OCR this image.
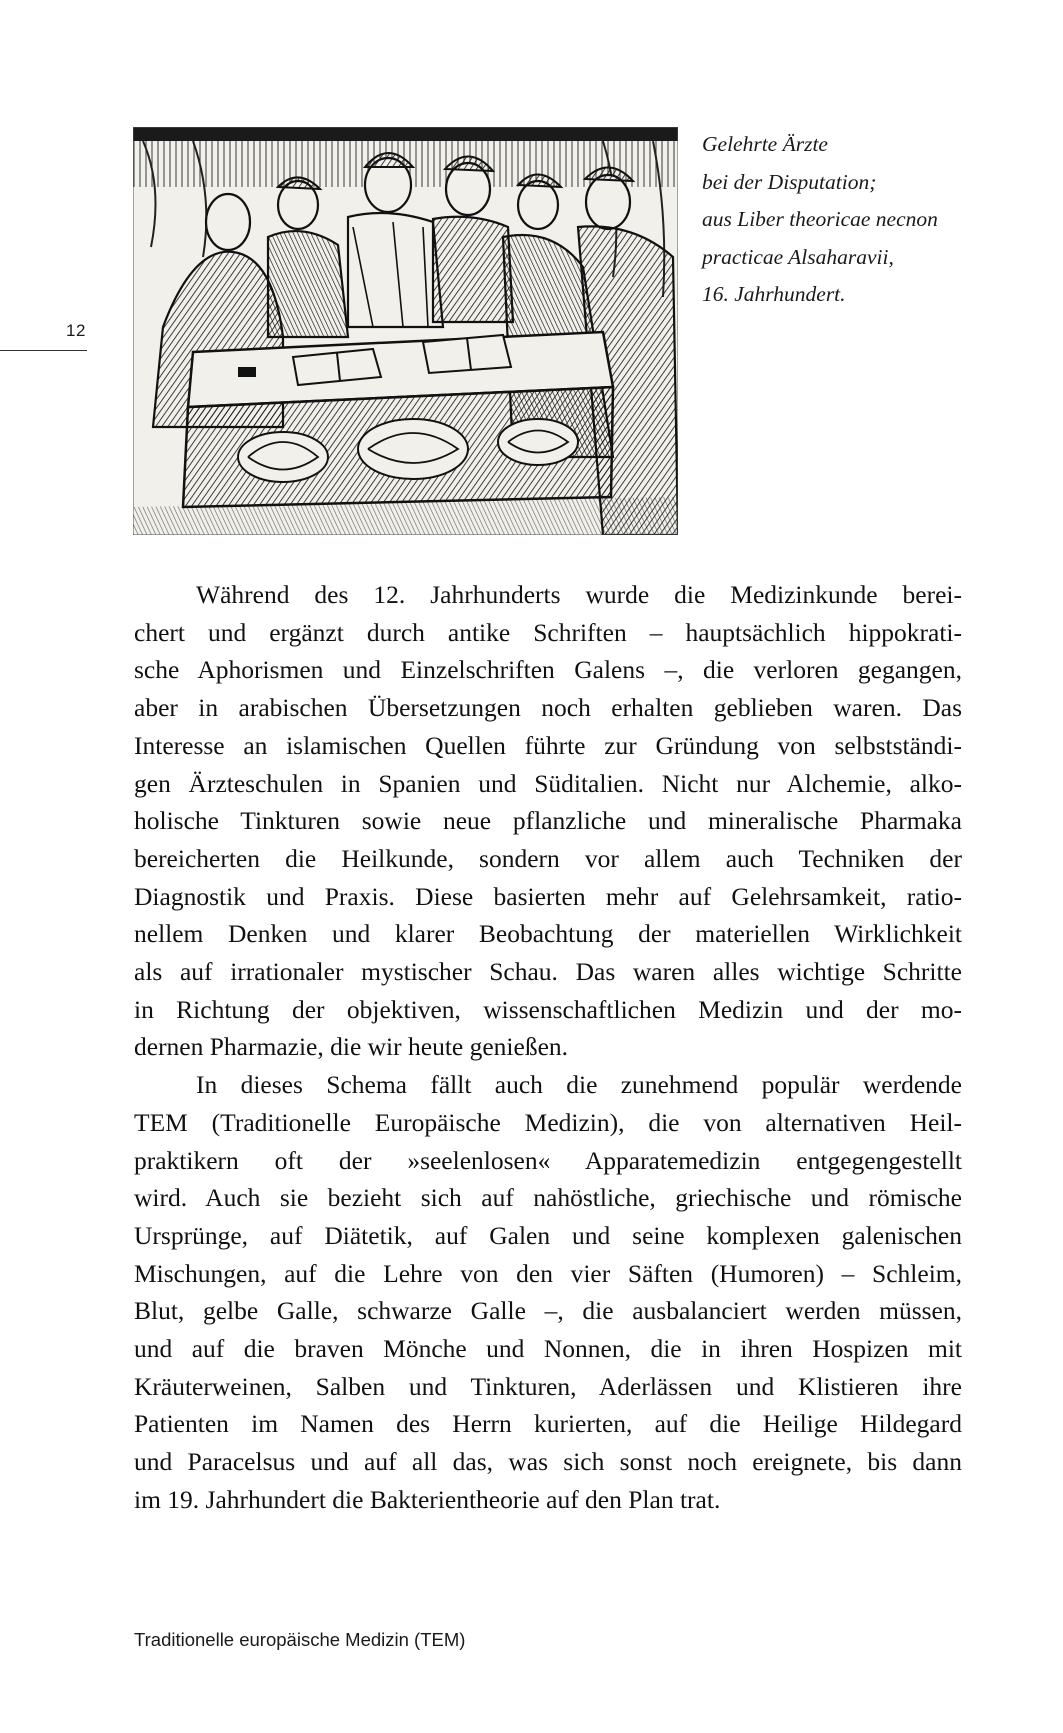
12
Gelehrte Ärzte
bei der Disputation;
aus Liber theoricae necnon
practicae Alsaharavii,
16. Jahrhundert.
Während des 12. Jahrhunderts wurde die Medizinkunde berei-
chert und ergänzt durch antike Schriften – hauptsächlich hippokrati-
sche Aphorismen und Einzelschriften Galens –, die verloren gegangen,
aber in arabischen Übersetzungen noch erhalten geblieben waren. Das
Interesse an islamischen Quellen führte zur Gründung von selbstständi-
gen Ärzteschulen in Spanien und Süditalien. Nicht nur Alchemie, alko-
holische Tinkturen sowie neue pflanzliche und mineralische Pharmaka
bereicherten die Heilkunde, sondern vor allem auch Techniken der
Diagnostik und Praxis. Diese basierten mehr auf Gelehrsamkeit, ratio-
nellem Denken und klarer Beobachtung der materiellen Wirklichkeit
als auf irrationaler mystischer Schau. Das waren alles wichtige Schritte
in Richtung der objektiven, wissenschaftlichen Medizin und der mo-
dernen Pharmazie, die wir heute genießen.
In dieses Schema fällt auch die zunehmend populär werdende
TEM (Traditionelle Europäische Medizin), die von alternativen Heil-
praktikern oft der »seelenlosen« Apparatemedizin entgegengestellt
wird. Auch sie bezieht sich auf nahöstliche, griechische und römische
Ursprünge, auf Diätetik, auf Galen und seine komplexen galenischen
Mischungen, auf die Lehre von den vier Säften (Humoren) – Schleim,
Blut, gelbe Galle, schwarze Galle –, die ausbalanciert werden müssen,
und auf die braven Mönche und Nonnen, die in ihren Hospizen mit
Kräuterweinen, Salben und Tinkturen, Aderlässen und Klistieren ihre
Patienten im Namen des Herrn kurierten, auf die Heilige Hildegard
und Paracelsus und auf all das, was sich sonst noch ereignete, bis dann
im 19. Jahrhundert die Bakterientheorie auf den Plan trat.
Traditionelle europäische Medizin (TEM)
